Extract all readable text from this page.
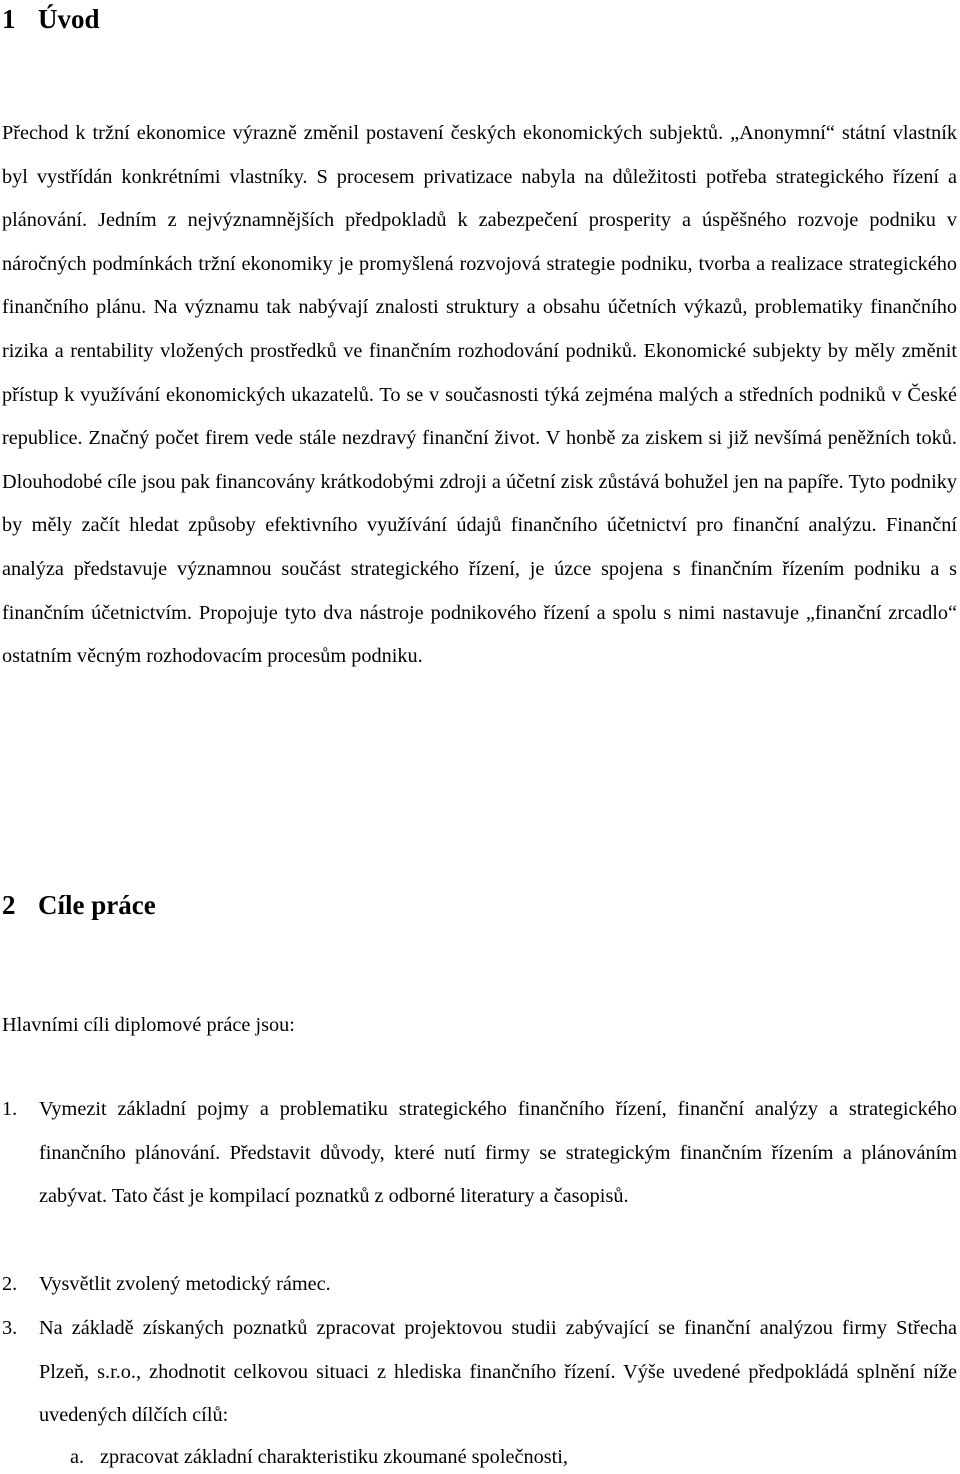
1 Úvod

Přechod k tržní ekonomice výrazně změnil postavení českých ekonomických subjektů. „Anonymní“ státní vlastník byl vystřídán konkrétními vlastníky. S procesem privatizace nabyla na důležitosti potřeba strategického řízení a plánování. Jedním z nejvýznamnějších předpokladů k zabezpečení prosperity a úspěšného rozvoje podniku v náročných podmínkách tržní ekonomiky je promyšlená rozvojová strategie podniku, tvorba a realizace strategického finančního plánu. Na významu tak nabývají znalosti struktury a obsahu účetních výkazů, problematiky finančního rizika a rentability vložených prostředků ve finančním rozhodování podniků. Ekonomické subjekty by měly změnit přístup k využívání ekonomických ukazatelů. To se v současnosti týká zejména malých a středních podniků v České republice. Značný počet firem vede stále nezdravý finanční život. V honbě za ziskem si již nevšímá peněžních toků. Dlouhodobé cíle jsou pak financovány krátkodobými zdroji a účetní zisk zůstává bohužel jen na papíře. Tyto podniky by měly začít hledat způsoby efektivního využívání údajů finančního účetnictví pro finanční analýzu. Finanční analýza představuje významnou součást strategického řízení, je úzce spojena s finančním řízením podniku a s finančním účetnictvím. Propojuje tyto dva nástroje podnikového řízení a spolu s nimi nastavuje „finanční zrcadlo“ ostatním věcným rozhodovacím procesům podniku.

2 Cíle práce
Hlavními cíli diplomové práce jsou:
1. Vymezit základní pojmy a problematiku strategického finančního řízení, finanční analýzy a strategického finančního plánování. Představit důvody, které nutí firmy se strategickým finančním řízením a plánováním zabývat. Tato část je kompilací poznatků z odborné literatury a časopisů.
2. Vysvětlit zvolený metodický rámec.
3. Na základě získaných poznatků zpracovat projektovou studii zabývající se finanční analýzou firmy Střecha Plzeň, s.r.o., zhodnotit celkovou situaci z hlediska finančního řízení. Výše uvedené předpokládá splnění níže uvedených dílčích cílů:
a. zpracovat základní charakteristiku zkoumané společnosti,
